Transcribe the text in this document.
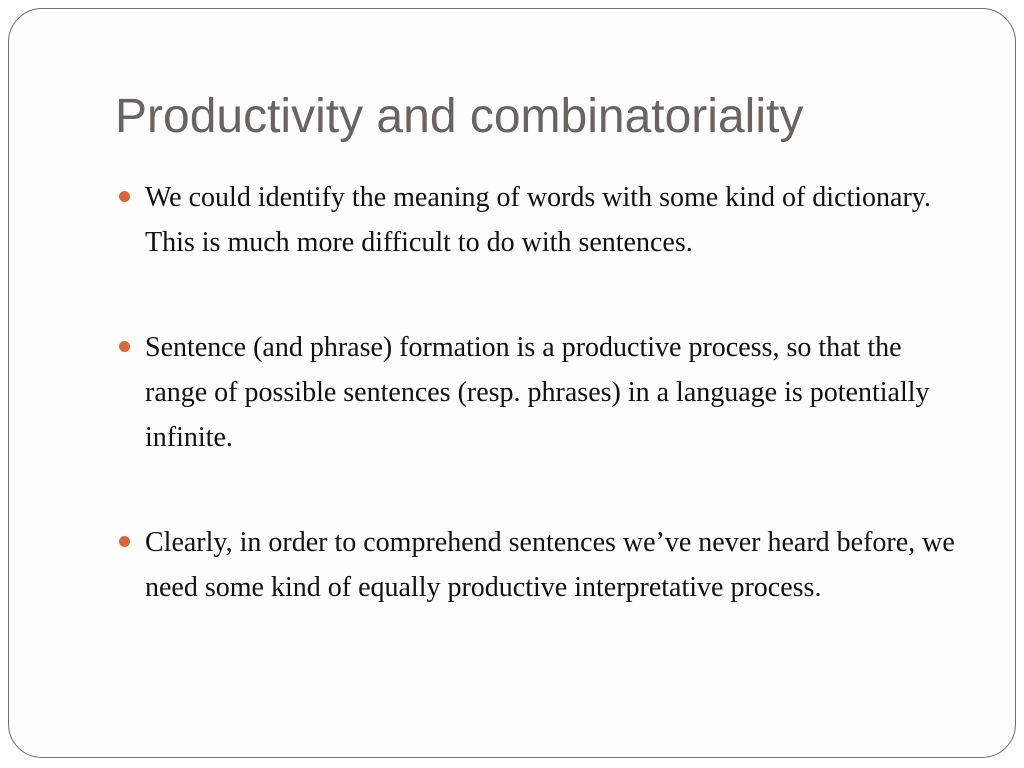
Productivity and combinatoriality
We could identify the meaning of words with some kind of dictionary. This is much more difficult to do with sentences.
Sentence (and phrase) formation is a productive process, so that the range of possible sentences (resp. phrases) in a language is potentially infinite.
Clearly, in order to comprehend sentences we’ve never heard before, we need some kind of equally productive interpretative process.
